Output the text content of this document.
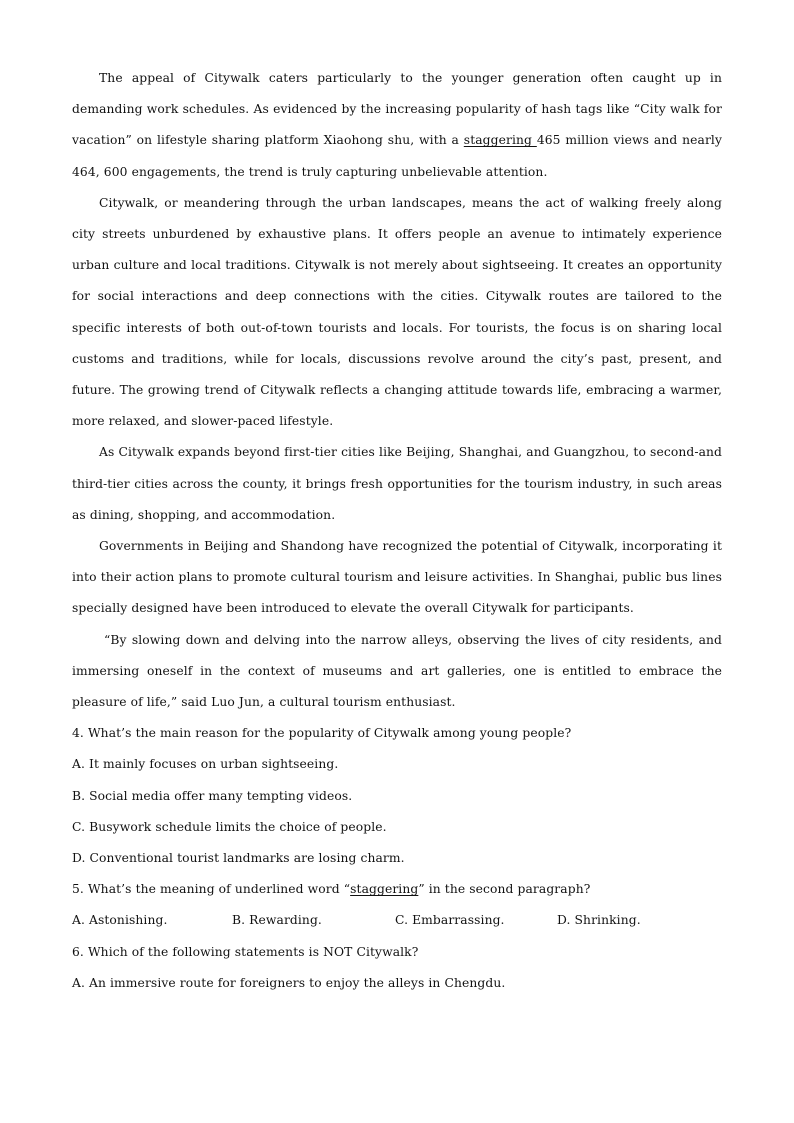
The appeal of Citywalk caters particularly to the younger generation often caught up in demanding work schedules. As evidenced by the increasing popularity of hash tags like “City walk for vacation” on lifestyle sharing platform Xiaohong shu, with a staggering 465 million views and nearly 464, 600 engagements, the trend is truly capturing unbelievable attention.

Citywalk, or meandering through the urban landscapes, means the act of walking freely along city streets unburdened by exhaustive plans. It offers people an avenue to intimately experience urban culture and local traditions. Citywalk is not merely about sightseeing. It creates an opportunity for social interactions and deep connections with the cities. Citywalk routes are tailored to the specific interests of both out-of-town tourists and locals. For tourists, the focus is on sharing local customs and traditions, while for locals, discussions revolve around the city’s past, present, and future. The growing trend of Citywalk reflects a changing attitude towards life, embracing a warmer, more relaxed, and slower-paced lifestyle.

As Citywalk expands beyond first-tier cities like Beijing, Shanghai, and Guangzhou, to second-and third-tier cities across the county, it brings fresh opportunities for the tourism industry, in such areas as dining, shopping, and accommodation.

Governments in Beijing and Shandong have recognized the potential of Citywalk, incorporating it into their action plans to promote cultural tourism and leisure activities. In Shanghai, public bus lines specially designed have been introduced to elevate the overall Citywalk for participants.

“By slowing down and delving into the narrow alleys, observing the lives of city residents, and immersing oneself in the context of museums and art galleries, one is entitled to embrace the pleasure of life,” said Luo Jun, a cultural tourism enthusiast.

4. What’s the main reason for the popularity of Citywalk among young people?

A. It mainly focuses on urban sightseeing.

B. Social media offer many tempting videos.

C. Busywork schedule limits the choice of people.

D. Conventional tourist landmarks are losing charm.

5. What’s the meaning of underlined word “staggering” in the second paragraph?

A. Astonishing.	B. Rewarding.	C. Embarrassing.	D. Shrinking.

6. Which of the following statements is NOT Citywalk?

A. An immersive route for foreigners to enjoy the alleys in Chengdu.
